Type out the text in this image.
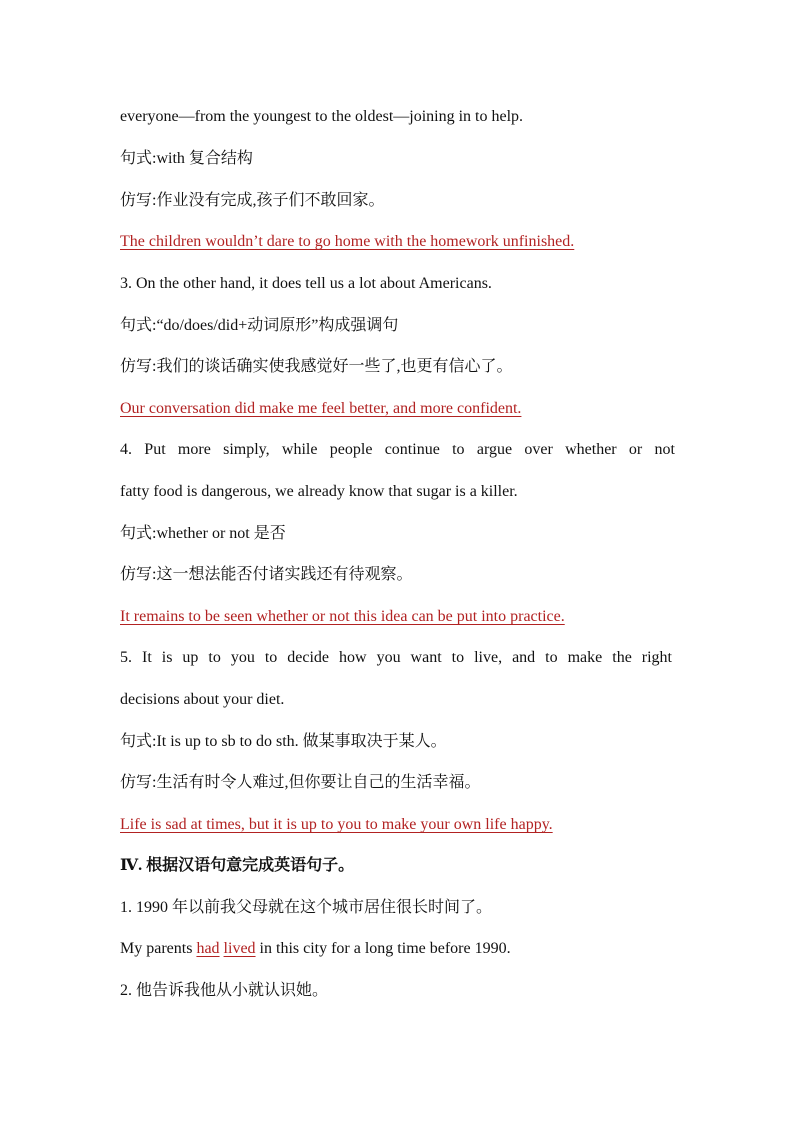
everyone—from the youngest to the oldest—joining in to help.
句式:with 复合结构
仿写:作业没有完成,孩子们不敢回家。
The children wouldn’t dare to go home with the homework unfinished.
3. On the other hand, it does tell us a lot about Americans.
句式:“do/does/did+动词原形”构成强调句
仿写:我们的谈话确实使我感觉好一些了,也更有信心了。
Our conversation did make me feel better, and more confident.
4. Put more simply, while people continue to argue over whether or not
fatty food is dangerous, we already know that sugar is a killer.
句式:whether or not 是否
仿写:这一想法能否付诸实践还有待观察。
It remains to be seen whether or not this idea can be put into practice.
5. It is up to you to decide how you want to live, and to make the right
decisions about your diet.
句式:It is up to sb to do sth. 做某事取决于某人。
仿写:生活有时令人难过,但你要让自己的生活幸福。
Life is sad at times, but it is up to you to make your own life happy.
Ⅳ. 根据汉语句意完成英语句子。
1. 1990 年以前我父母就在这个城市居住很长时间了。
My parents had lived in this city for a long time before 1990.
2. 他告诉我他从小就认识她。
